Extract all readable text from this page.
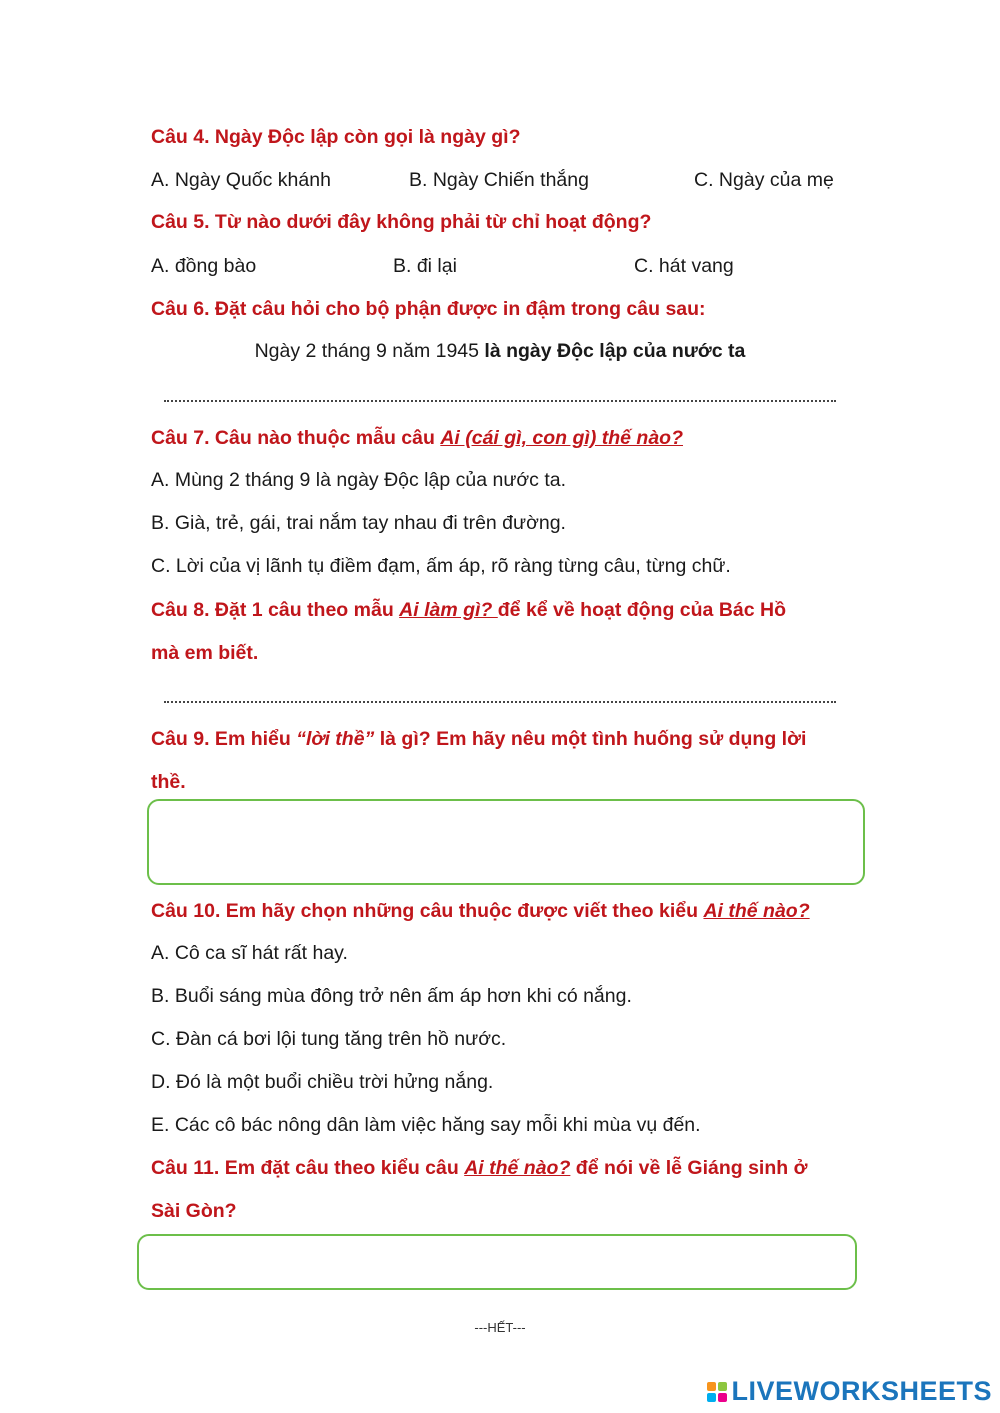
Câu 4. Ngày Độc lập còn gọi là ngày gì?
A. Ngày Quốc khánh	B. Ngày Chiến thắng	C. Ngày của mẹ
Câu 5. Từ nào dưới đây không phải từ chỉ hoạt động?
A. đồng bào	B. đi lại	C. hát vang
Câu 6. Đặt câu hỏi cho bộ phận được in đậm trong câu sau:
Ngày 2 tháng 9 năm 1945 là ngày Độc lập của nước ta
Câu 7. Câu nào thuộc mẫu câu Ai (cái gì, con gì) thế nào?
A. Mùng 2 tháng 9 là ngày Độc lập của nước ta.
B. Già, trẻ, gái, trai nắm tay nhau đi trên đường.
C. Lời của vị lãnh tụ điềm đạm, ấm áp, rõ ràng từng câu, từng chữ.
Câu 8. Đặt 1 câu theo mẫu Ai làm gì? để kể về hoạt động của Bác Hồ
mà em biết.
Câu 9. Em hiểu “lời thề” là gì? Em hãy nêu một tình huống sử dụng lời
thề.
Câu 10. Em hãy chọn những câu thuộc được viết theo kiểu Ai thế nào?
A. Cô ca sĩ hát rất hay.
B. Buổi sáng mùa đông trở nên ấm áp hơn khi có nắng.
C. Đàn cá bơi lội tung tăng trên hồ nước.
D. Đó là một buổi chiều trời hửng nắng.
E. Các cô bác nông dân làm việc hăng say mỗi khi mùa vụ đến.
Câu 11. Em đặt câu theo kiểu câu Ai thế nào? để nói về lễ Giáng sinh ở
Sài Gòn?
---HẾT---
LIVEWORKSHEETS
